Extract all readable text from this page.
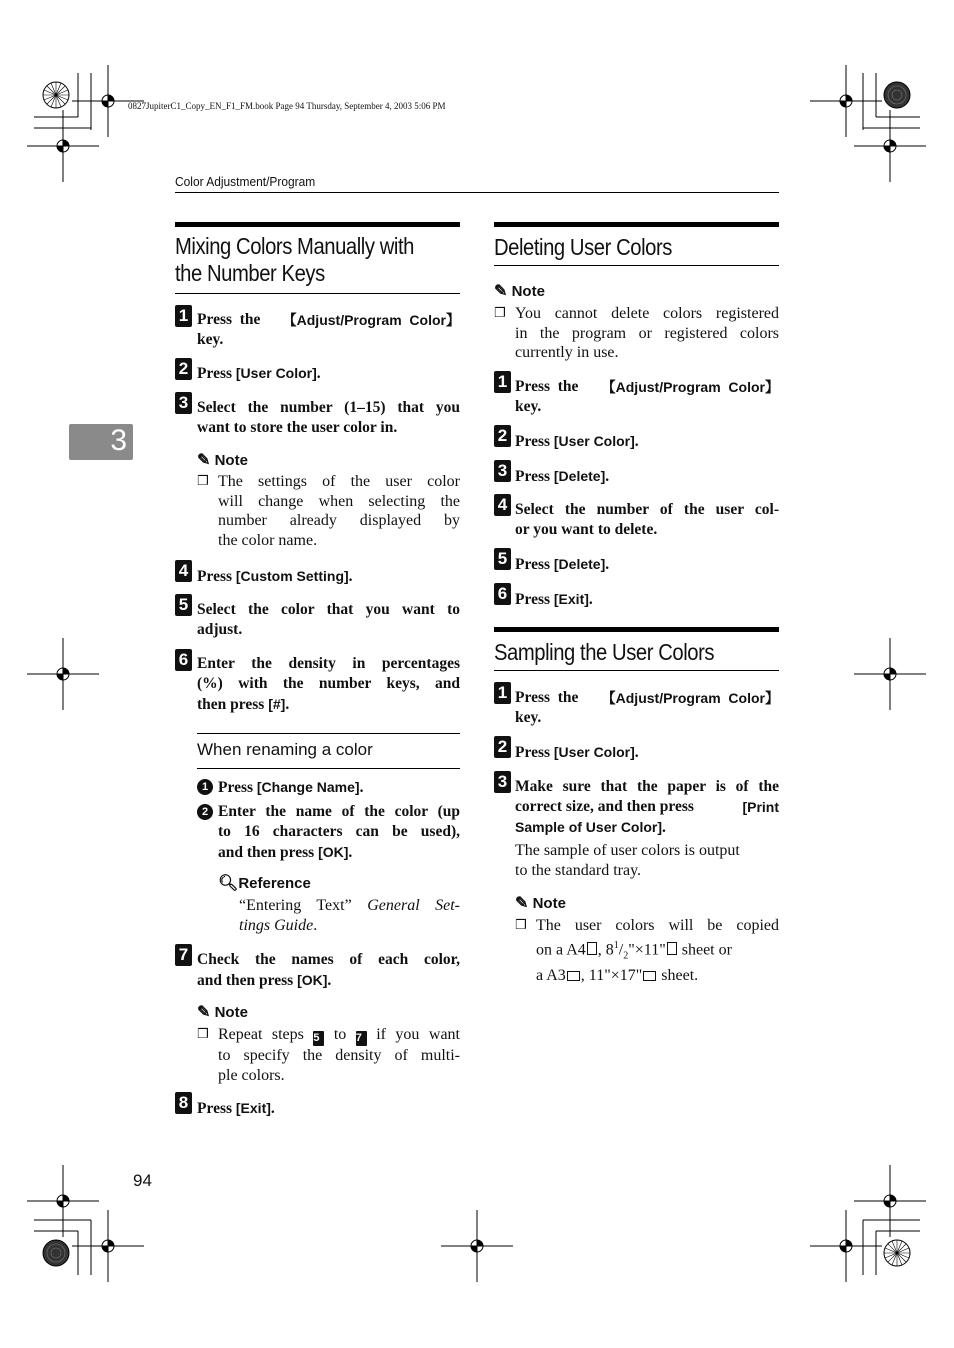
0827JupiterC1_Copy_EN_F1_FM.book Page 94 Thursday, September 4, 2003 5:06 PM
Color Adjustment/Program
3
Mixing Colors Manually with
the Number Keys
1 Press  the 【Adjust/Program  Color】
key.
2 Press [User Color].
3 Select the number (1–15) that you
want to store the user color in.
✎ Note
❒ The settings of the user color
will change when selecting the
number already displayed by
the color name.
4 Press [Custom Setting].
5 Select the color that you want to
adjust.
6 Enter the density in percentages
(%) with the number keys, and
then press [#].
When renaming a color
1 Press [Change Name].
2 Enter the name of the color (up
to 16 characters can be used),
and then press [OK].
🔍︎Reference
“Entering Text” General Set-
tings Guide.
7 Check the names of each color,
and then press [OK].
✎ Note
❒ Repeat steps 5 to 7 if you want
to specify the density of multi-
ple colors.
8 Press [Exit].
Deleting User Colors
✎ Note
❒ You cannot delete colors registered
in the program or registered colors
currently in use.
1 Press  the 【Adjust/Program  Color】
key.
2 Press [User Color].
3 Press [Delete].
4 Select the number of the user col-
or you want to delete.
5 Press [Delete].
6 Press [Exit].
Sampling the User Colors
1 Press  the 【Adjust/Program  Color】
key.
2 Press [User Color].
3 Make sure that the paper is of the
correct size, and then press	[Print
Sample of User Color].
The sample of user colors is output
to the standard tray.
✎ Note
❒ The user colors will be copied
on a A4 , $8^1/_2"\times 11$" sheet or
a A3 , 11"×17" sheet.
94
